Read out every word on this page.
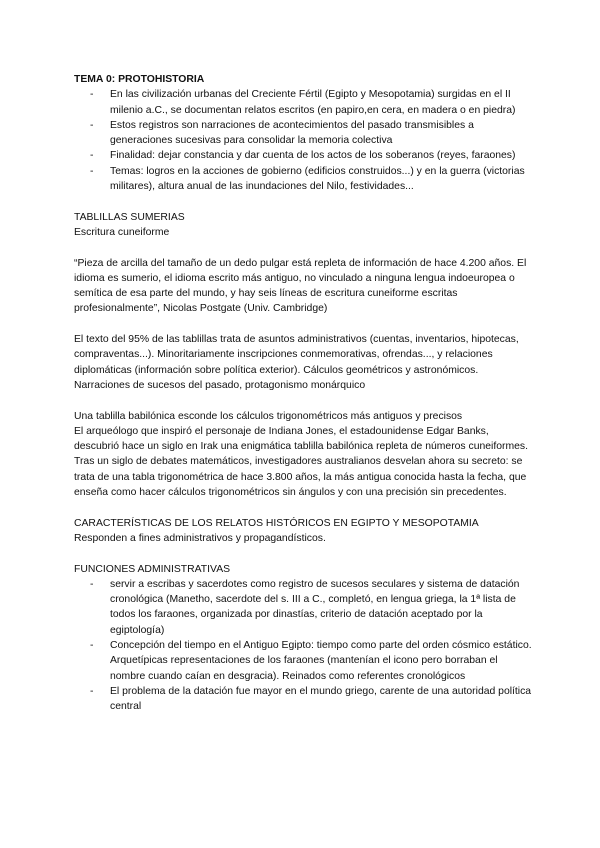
TEMA 0: PROTOHISTORIA
- En las civilización urbanas del Creciente Fértil (Egipto y Mesopotamia) surgidas en el II milenio a.C., se documentan relatos escritos (en papiro,en cera, en madera o en piedra)
- Estos registros son narraciones de acontecimientos del pasado transmisibles a generaciones sucesivas para consolidar la memoria colectiva
- Finalidad: dejar constancia y dar cuenta de los actos de los soberanos (reyes, faraones)
- Temas: logros en la acciones de gobierno (edificios construidos...) y en la guerra (victorias militares), altura anual de las inundaciones del Nilo, festividades...

TABLILLAS SUMERIAS

Escritura cuneiforme

“Pieza de arcilla del tamaño de un dedo pulgar está repleta de información de hace 4.200 años. El idioma es sumerio, el idioma escrito más antiguo, no vinculado a ninguna lengua indoeuropea o semítica de esa parte del mundo, y hay seis líneas de escritura cuneiforme escritas profesionalmente”, Nicolas Postgate (Univ. Cambridge)

El texto del 95% de las tablillas trata de asuntos administrativos (cuentas, inventarios, hipotecas, compraventas...). Minoritariamente inscripciones conmemorativas, ofrendas..., y relaciones diplomáticas (información sobre política exterior). Cálculos geométricos y astronómicos.

Narraciones de sucesos del pasado, protagonismo monárquico

Una tablilla babilónica esconde los cálculos trigonométricos más antiguos y precisos

El arqueólogo que inspiró el personaje de Indiana Jones, el estadounidense Edgar Banks, descubrió hace un siglo en Irak una enigmática tablilla babilónica repleta de números cuneiformes. Tras un siglo de debates matemáticos, investigadores australianos desvelan ahora su secreto: se trata de una tabla trigonométrica de hace 3.800 años, la más antigua conocida hasta la fecha, que enseña como hacer cálculos trigonométricos sin ángulos y con una precisión sin precedentes.

CARACTERÍSTICAS DE LOS RELATOS HISTÓRICOS EN EGIPTO Y MESOPOTAMIA

Responden a fines administrativos y propagandísticos.

FUNCIONES ADMINISTRATIVAS

- servir a escribas y sacerdotes como registro de sucesos seculares y sistema de datación cronológica (Manetho, sacerdote del s. III a C., completó, en lengua griega, la 1ª lista de todos los faraones, organizada por dinastías, criterio de datación aceptado por la egiptología)
- Concepción del tiempo en el Antiguo Egipto: tiempo como parte del orden cósmico estático. Arquetípicas representaciones de los faraones (mantenían el icono pero borraban el nombre cuando caían en desgracia). Reinados como referentes cronológicos
- El problema de la datación fue mayor en el mundo griego, carente de una autoridad política central
